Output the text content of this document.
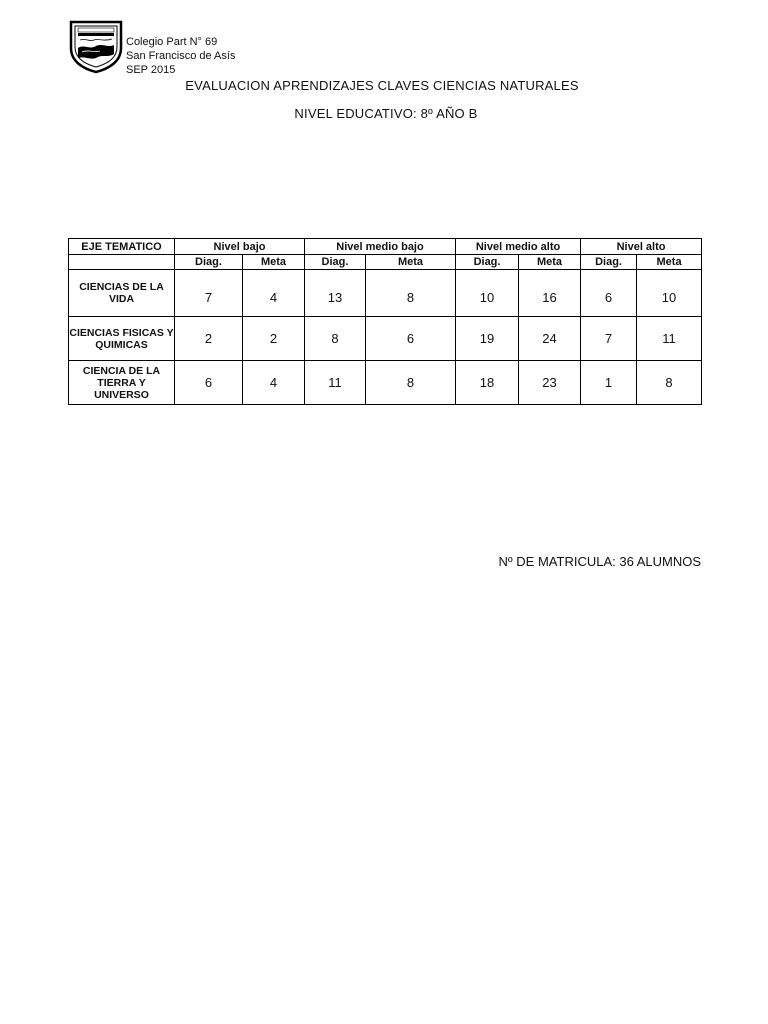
Colegio Part N° 69
San Francisco de Asís
SEP 2015
EVALUACION APRENDIZAJES CLAVES CIENCIAS NATURALES
NIVEL EDUCATIVO: 8º AÑO B
EJE TEMATICO	Nivel bajo		Nivel medio bajo		Nivel medio alto		Nivel alto	
	Diag.	Meta	Diag.	Meta	Diag.	Meta	Diag.	Meta
CIENCIAS DE LA VIDA	7	4	13	8	10	16	6	10
CIENCIAS FISICAS Y QUIMICAS	2	2	8	6	19	24	7	11
CIENCIA DE LA TIERRA Y UNIVERSO	6	4	11	8	18	23	1	8
Nº DE MATRICULA: 36 ALUMNOS
